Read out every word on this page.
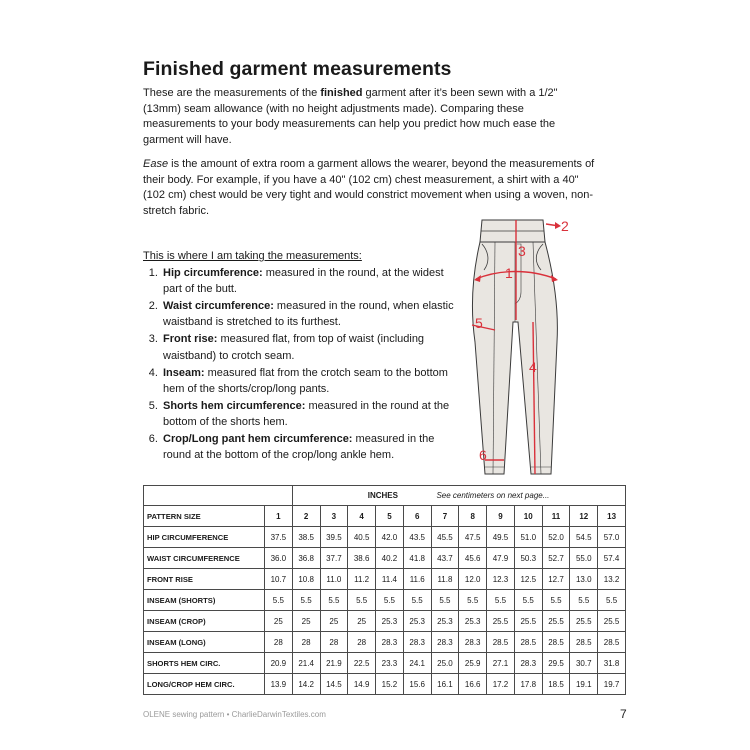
Finished garment measurements

These are the measurements of the finished garment after it’s been sewn with a 1/2" (13mm) seam allowance (with no height adjustments made). Comparing these measurements to your body measurements can help you predict how much ease the garment will have.

Ease is the amount of extra room a garment allows the wearer, beyond the measurements of their body. For example, if you have a 40" (102 cm) chest measurement, a shirt with a 40" (102 cm) chest would be very tight and would constrict movement when using a woven, non-stretch fabric.

This is where I am taking the measurements:

1. Hip circumference: measured in the round, at the widest part of the butt.
2. Waist circumference: measured in the round, when elastic waistband is stretched to its furthest.
3. Front rise: measured flat, from top of waist (including waistband) to crotch seam.
4. Inseam: measured flat from the crotch seam to the bottom hem of the shorts/crop/long pants.
5. Shorts hem circumference: measured in the round at the bottom of the shorts hem.
6. Crop/Long pant hem circumference: measured in the round at the bottom of the crop/long ankle hem.
1
2
3
4
5
6
		INCHES See centimeters on next page...											
PATTERN SIZE	1	2	3	4	5	6	7	8	9	10	11	12	13
HIP CIRCUMFERENCE	37.5	38.5	39.5	40.5	42.0	43.5	45.5	47.5	49.5	51.0	52.0	54.5	57.0
WAIST CIRCUMFERENCE	36.0	36.8	37.7	38.6	40.2	41.8	43.7	45.6	47.9	50.3	52.7	55.0	57.4
FRONT RISE	10.7	10.8	11.0	11.2	11.4	11.6	11.8	12.0	12.3	12.5	12.7	13.0	13.2
INSEAM (SHORTS)	5.5	5.5	5.5	5.5	5.5	5.5	5.5	5.5	5.5	5.5	5.5	5.5	5.5
INSEAM (CROP)	25	25	25	25	25.3	25.3	25.3	25.3	25.5	25.5	25.5	25.5	25.5
INSEAM (LONG)	28	28	28	28	28.3	28.3	28.3	28.3	28.5	28.5	28.5	28.5	28.5
SHORTS HEM CIRC.	20.9	21.4	21.9	22.5	23.3	24.1	25.0	25.9	27.1	28.3	29.5	30.7	31.8
LONG/CROP HEM CIRC.	13.9	14.2	14.5	14.9	15.2	15.6	16.1	16.6	17.2	17.8	18.5	19.1	19.7
OLENE sewing pattern • CharlieDarwinTextiles.com	7
